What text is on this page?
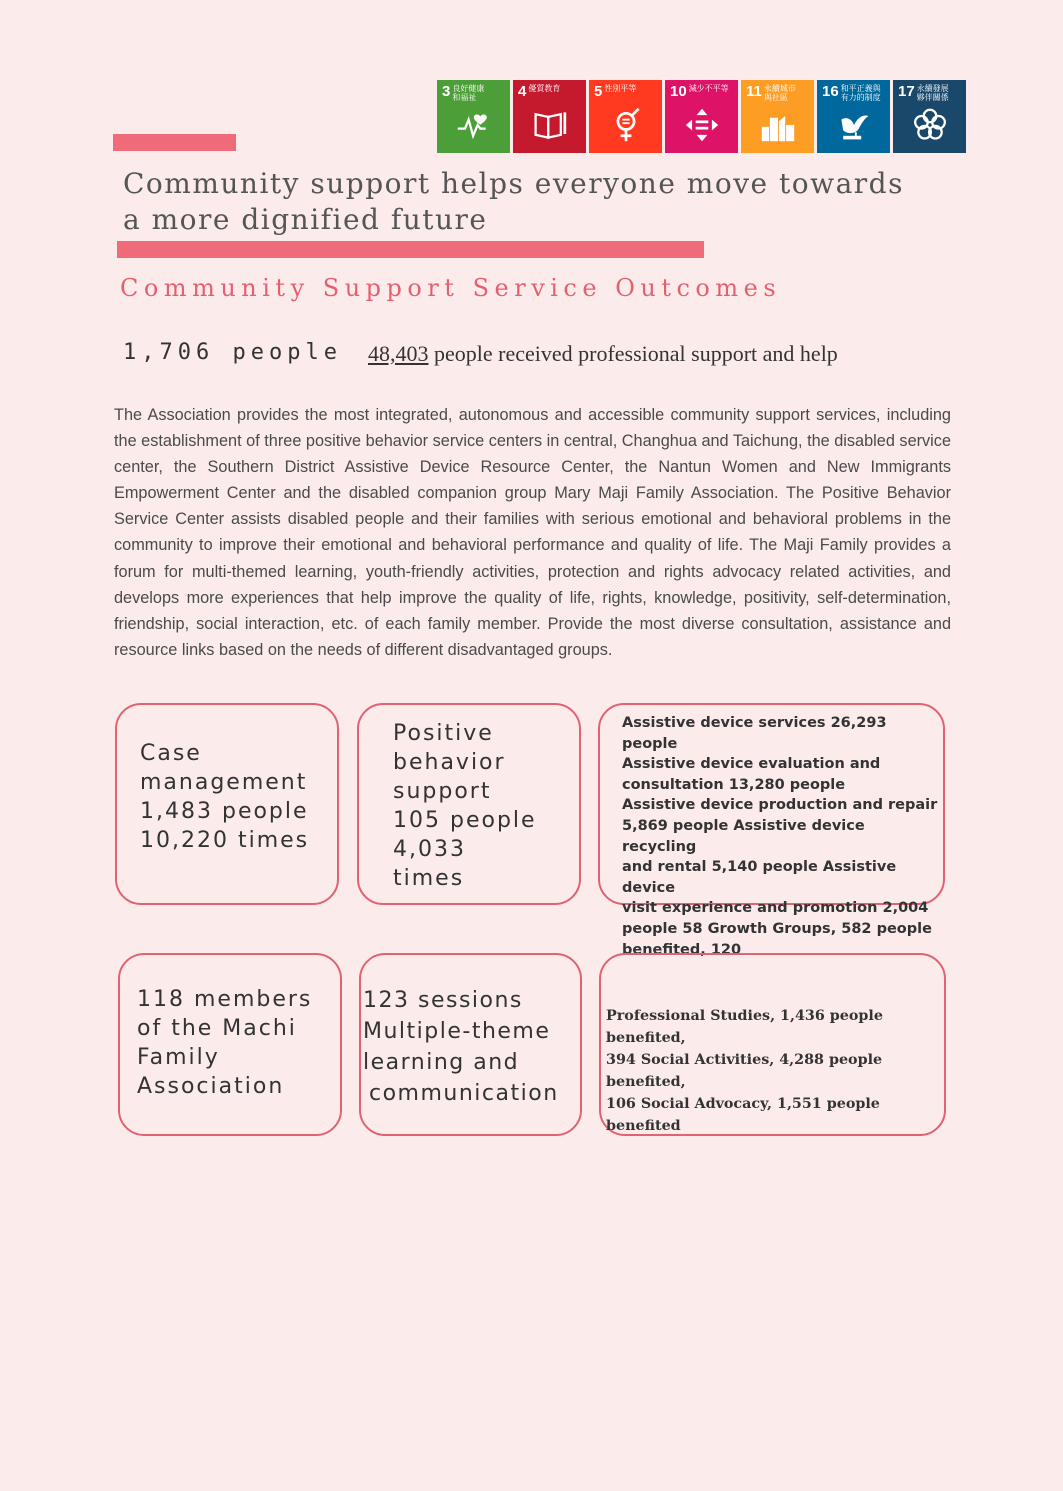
3 良好健康
和福祉	4 優質教育	5 性別平等	10 減少不平等	11 永續城市
與社區	16 和平正義與
有力的制度	17 永續發展
夥伴關係
Community support helps everyone move towards a more dignified future
Community Support Service Outcomes
1,706 people 48,403 people received professional support and help

The Association provides the most integrated, autonomous and accessible community support services, including the establishment of three positive behavior service centers in central, Changhua and Taichung, the disabled service center, the Southern District Assistive Device Resource Center, the Nantun Women and New Immigrants Empowerment Center and the disabled companion group Mary Maji Family Association. The Positive Behavior Service Center assists disabled people and their families with serious emotional and behavioral problems in the community to improve their emotional and behavioral performance and quality of life. The Maji Family provides a forum for multi-themed learning, youth-friendly activities, protection and rights advocacy related activities, and develops more experiences that help improve the quality of life, rights, knowledge, positivity, self-determination, friendship, social interaction, etc. of each family member. Provide the most diverse consultation, assistance and resource links based on the needs of different disadvantaged groups.

Case
management
1,483 people
10,220 times
Positive
behavior
support
105 people
4,033
times
Assistive device services 26,293 people
Assistive device evaluation and
consultation 13,280 people
Assistive device production and repair
5,869 people Assistive device recycling
and rental 5,140 people Assistive device
visit experience and promotion 2,004
people 58 Growth Groups, 582 people
benefited, 120
118 members
of the Machi
Family
Association
123 sessions
Multiple-theme
learning and
communication
Professional Studies, 1,436 people benefited,
394 Social Activities, 4,288 people benefited,
106 Social Advocacy, 1,551 people benefited
